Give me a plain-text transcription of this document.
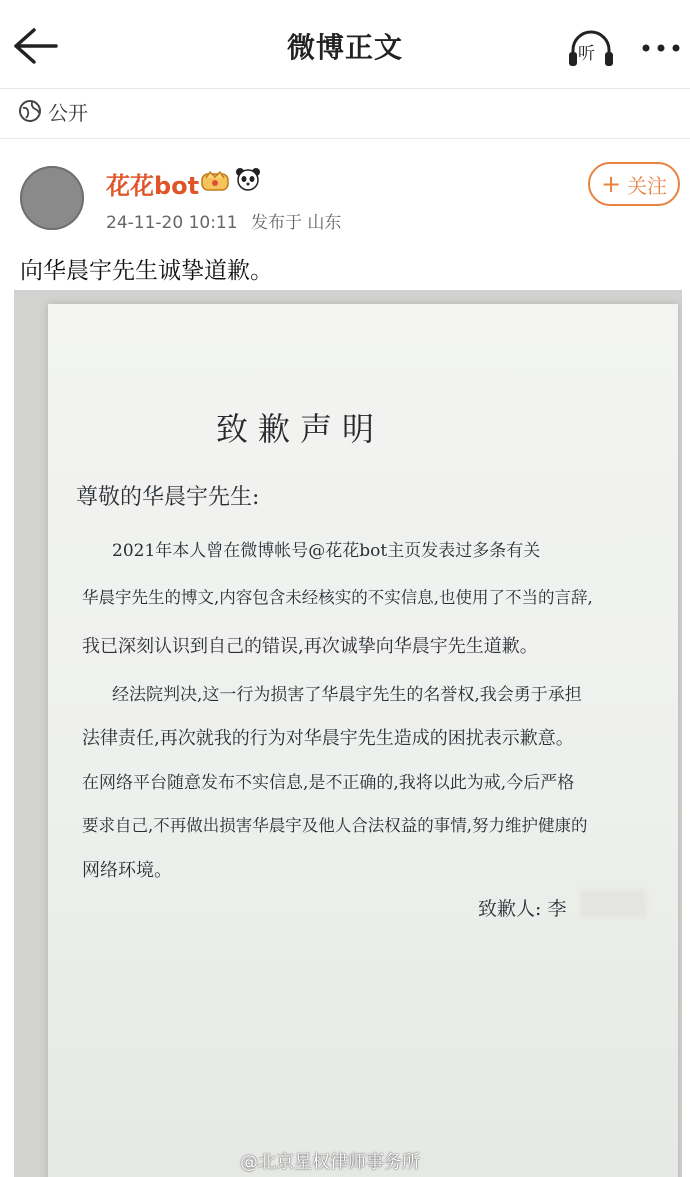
微博正文	听
公开
花花bot
24-11-20 10:11 发布于 山东
+ 关注
向华晨宇先生诚挚道歉。
致歉声明
尊敬的华晨宇先生:
2021年本人曾在微博帐号@花花bot主页发表过多条有关
华晨宇先生的博文,内容包含未经核实的不实信息,也使用了不当的言辞,
我已深刻认识到自己的错误,再次诚挚向华晨宇先生道歉。
经法院判决,这一行为损害了华晨宇先生的名誉权,我会勇于承担
法律责任,再次就我的行为对华晨宇先生造成的困扰表示歉意。
在网络平台随意发布不实信息,是不正确的,我将以此为戒,今后严格
要求自己,不再做出损害华晨宇及他人合法权益的事情,努力维护健康的
网络环境。
致歉人: 李
@北京星权律师事务所
